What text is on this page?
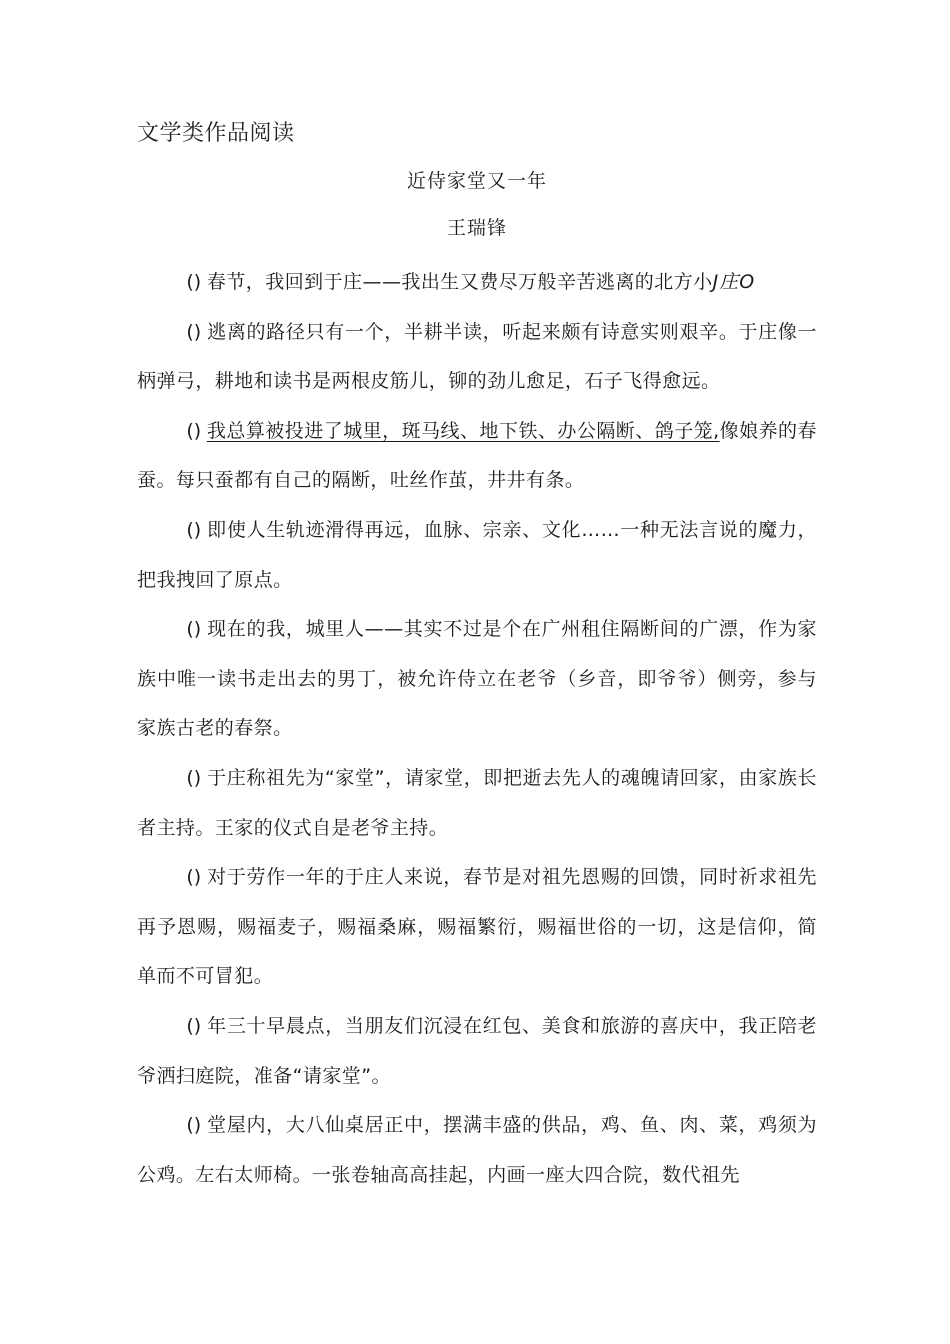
文学类作品阅读
近侍家堂又一年
王瑞锋

() 春节，我回到于庄——我出生又费尽万般辛苦逃离的北方小J庄O

() 逃离的路径只有一个，半耕半读，听起来颇有诗意实则艰辛。于庄像一柄弹弓，耕地和读书是两根皮筋儿，铆的劲儿愈足，石子飞得愈远。

() 我总算被投进了城里，斑马线、地下铁、办公隔断、鸽子笼,像娘养的春蚕。每只蚕都有自己的隔断，吐丝作茧，井井有条。

() 即使人生轨迹滑得再远，血脉、宗亲、文化……一种无法言说的魔力，把我拽回了原点。

() 现在的我，城里人——其实不过是个在广州租住隔断间的广漂，作为家族中唯一读书走出去的男丁，被允许侍立在老爷（乡音，即爷爷）侧旁，参与家族古老的春祭。

() 于庄称祖先为“家堂”，请家堂，即把逝去先人的魂魄请回家，由家族长者主持。王家的仪式自是老爷主持。

() 对于劳作一年的于庄人来说，春节是对祖先恩赐的回馈，同时祈求祖先再予恩赐，赐福麦子，赐福桑麻，赐福繁衍，赐福世俗的一切，这是信仰，简单而不可冒犯。

() 年三十早晨点，当朋友们沉浸在红包、美食和旅游的喜庆中，我正陪老爷洒扫庭院，准备“请家堂”。

() 堂屋内，大八仙桌居正中，摆满丰盛的供品，鸡、鱼、肉、菜，鸡须为公鸡。左右太师椅。一张卷轴高高挂起，内画一座大四合院，数代祖先
